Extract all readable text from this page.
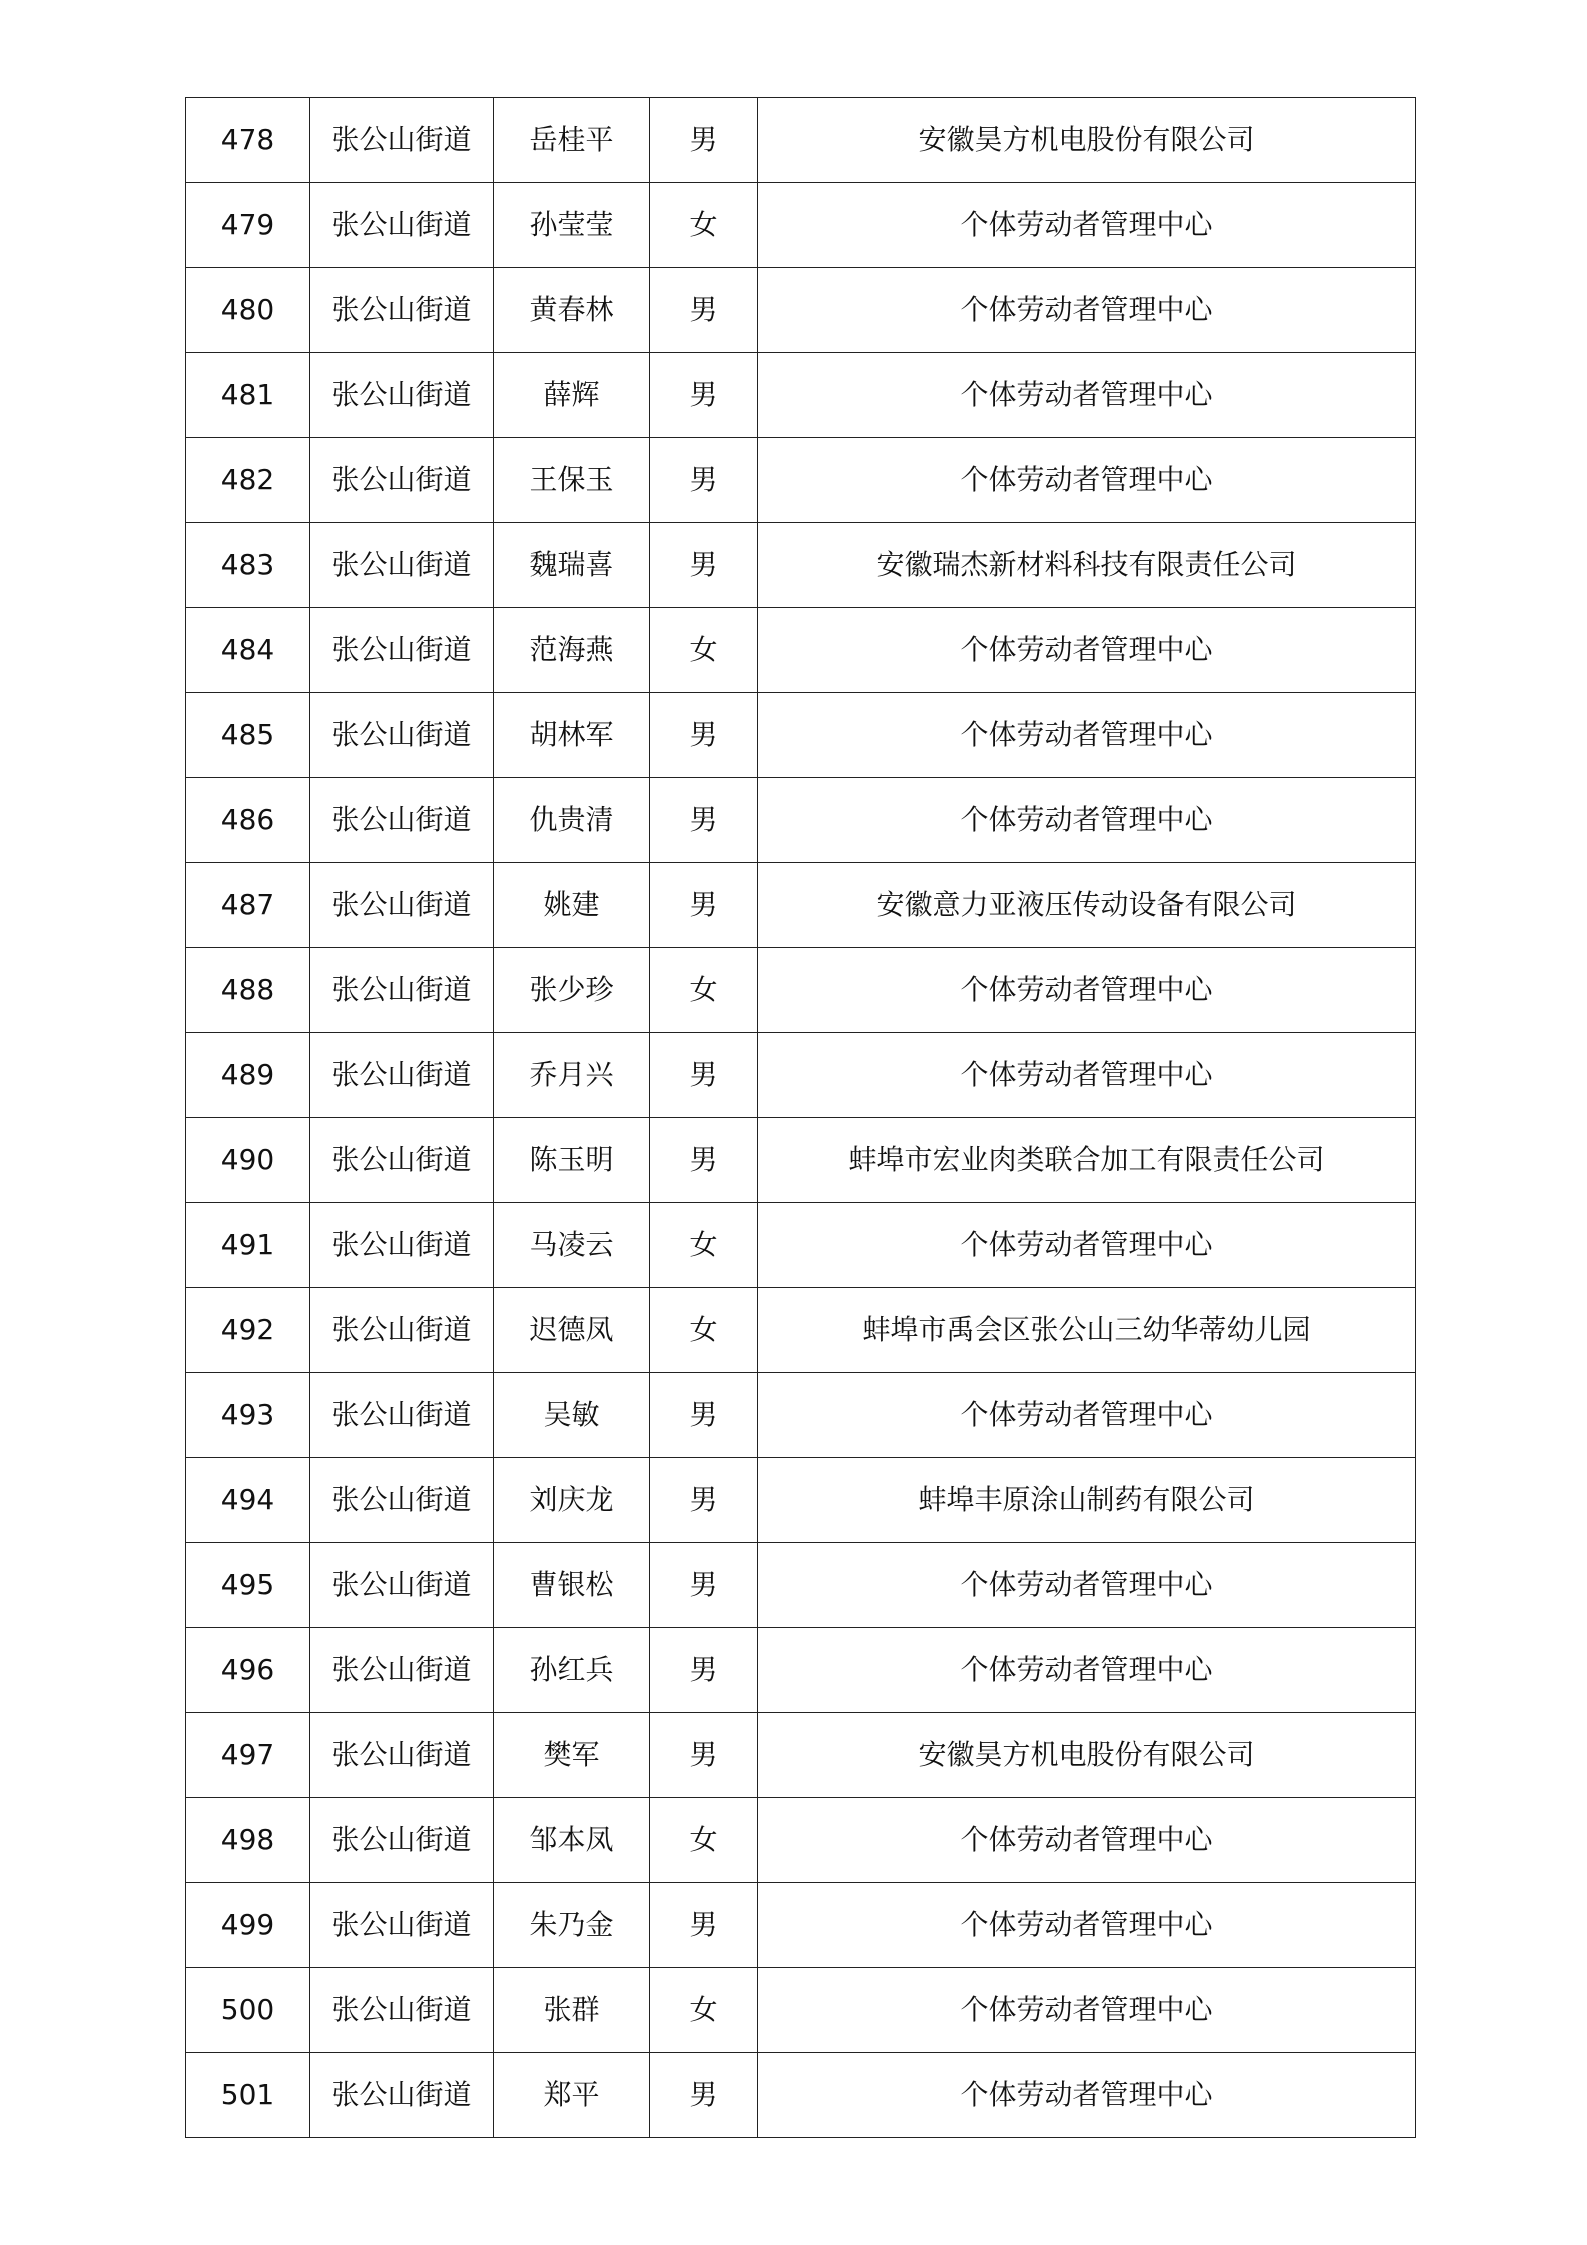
478	张公山街道	岳桂平	男	安徽昊方机电股份有限公司
479	张公山街道	孙莹莹	女	个体劳动者管理中心
480	张公山街道	黄春林	男	个体劳动者管理中心
481	张公山街道	薛辉	男	个体劳动者管理中心
482	张公山街道	王保玉	男	个体劳动者管理中心
483	张公山街道	魏瑞喜	男	安徽瑞杰新材料科技有限责任公司
484	张公山街道	范海燕	女	个体劳动者管理中心
485	张公山街道	胡林军	男	个体劳动者管理中心
486	张公山街道	仇贵清	男	个体劳动者管理中心
487	张公山街道	姚建	男	安徽意力亚液压传动设备有限公司
488	张公山街道	张少珍	女	个体劳动者管理中心
489	张公山街道	乔月兴	男	个体劳动者管理中心
490	张公山街道	陈玉明	男	蚌埠市宏业肉类联合加工有限责任公司
491	张公山街道	马凌云	女	个体劳动者管理中心
492	张公山街道	迟德凤	女	蚌埠市禹会区张公山三幼华蒂幼儿园
493	张公山街道	吴敏	男	个体劳动者管理中心
494	张公山街道	刘庆龙	男	蚌埠丰原涂山制药有限公司
495	张公山街道	曹银松	男	个体劳动者管理中心
496	张公山街道	孙红兵	男	个体劳动者管理中心
497	张公山街道	樊军	男	安徽昊方机电股份有限公司
498	张公山街道	邹本凤	女	个体劳动者管理中心
499	张公山街道	朱乃金	男	个体劳动者管理中心
500	张公山街道	张群	女	个体劳动者管理中心
501	张公山街道	郑平	男	个体劳动者管理中心
